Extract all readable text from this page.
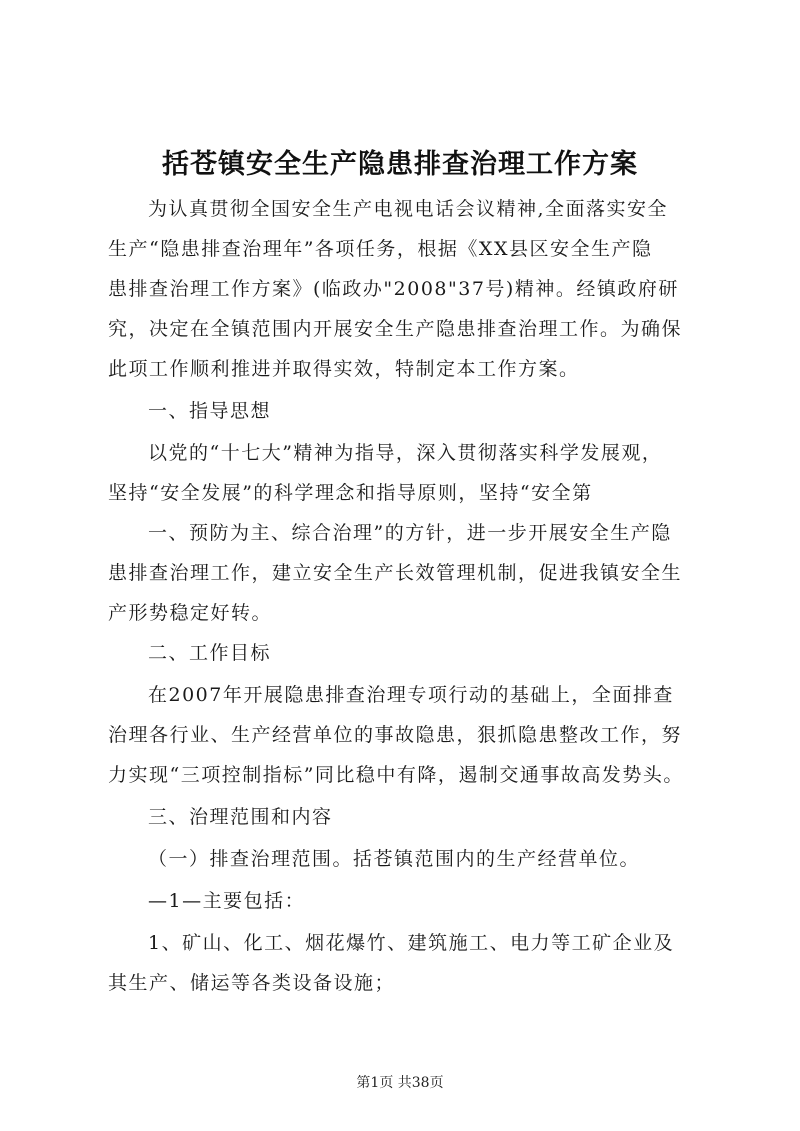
括苍镇安全生产隐患排查治理工作方案
为认真贯彻全国安全生产电视电话会议精神,全面落实安全
生产“隐患排查治理年”各项任务，根据《XX县区安全生产隐
患排查治理工作方案》(临政办"2008"37号)精神。经镇政府研
究，决定在全镇范围内开展安全生产隐患排查治理工作。为确保
此项工作顺利推进并取得实效，特制定本工作方案。
一、指导思想
以党的“十七大”精神为指导，深入贯彻落实科学发展观，
坚持“安全发展”的科学理念和指导原则，坚持“安全第
一、预防为主、综合治理”的方针，进一步开展安全生产隐
患排查治理工作，建立安全生产长效管理机制，促进我镇安全生
产形势稳定好转。
二、工作目标
在2007年开展隐患排查治理专项行动的基础上，全面排查
治理各行业、生产经营单位的事故隐患，狠抓隐患整改工作，努
力实现“三项控制指标”同比稳中有降，遏制交通事故高发势头。
三、治理范围和内容
（一）排查治理范围。括苍镇范围内的生产经营单位。
—1—主要包括：
1、矿山、化工、烟花爆竹、建筑施工、电力等工矿企业及
其生产、储运等各类设备设施；
第1页 共38页
